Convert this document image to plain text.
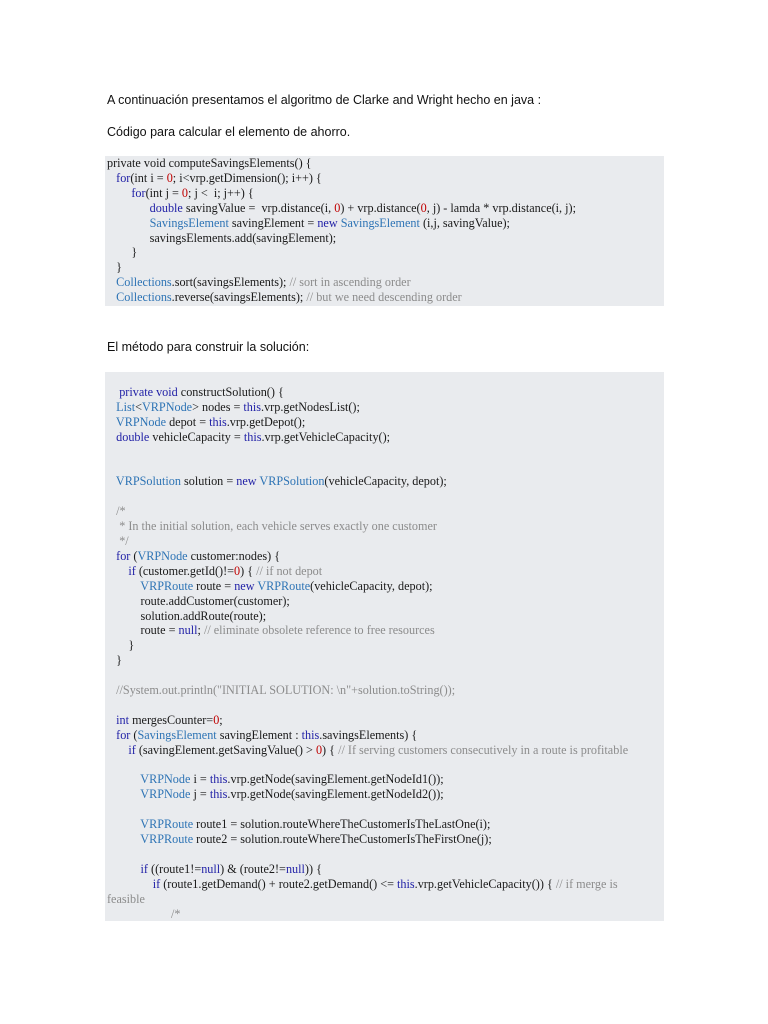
A continuación presentamos el algoritmo de Clarke and Wright hecho en java :

Código para calcular el elemento de ahorro.

private void computeSavingsElements() {
for(int i = 0; i<vrp.getDimension(); i++) {
for(int j = 0; j <  i; j++) {
double savingValue =  vrp.distance(i, 0) + vrp.distance(0, j) - lamda * vrp.distance(i, j);
SavingsElement savingElement = new SavingsElement (i,j, savingValue);
savingsElements.add(savingElement);
}
}
Collections.sort(savingsElements); // sort in ascending order
Collections.reverse(savingsElements); // but we need descending order

El método para construir la solución:

private void constructSolution() {
List<VRPNode> nodes = this.vrp.getNodesList();
VRPNode depot = this.vrp.getDepot();
double vehicleCapacity = this.vrp.getVehicleCapacity();
VRPSolution solution = new VRPSolution(vehicleCapacity, depot);
/*
* In the initial solution, each vehicle serves exactly one customer
*/
for (VRPNode customer:nodes) {
if (customer.getId()!=0) { // if not depot
VRPRoute route = new VRPRoute(vehicleCapacity, depot);
route.addCustomer(customer);
solution.addRoute(route);
route = null; // eliminate obsolete reference to free resources
}
}
//System.out.println("INITIAL SOLUTION: \n"+solution.toString());
int mergesCounter=0;
for (SavingsElement savingElement : this.savingsElements) {
if (savingElement.getSavingValue() > 0) { // If serving customers consecutively in a route is profitable
VRPNode i = this.vrp.getNode(savingElement.getNodeId1());
VRPNode j = this.vrp.getNode(savingElement.getNodeId2());
VRPRoute route1 = solution.routeWhereTheCustomerIsTheLastOne(i);
VRPRoute route2 = solution.routeWhereTheCustomerIsTheFirstOne(j);
if ((route1!=null) & (route2!=null)) {
if (route1.getDemand() + route2.getDemand() <= this.vrp.getVehicleCapacity()) { // if merge is
feasible
/*
